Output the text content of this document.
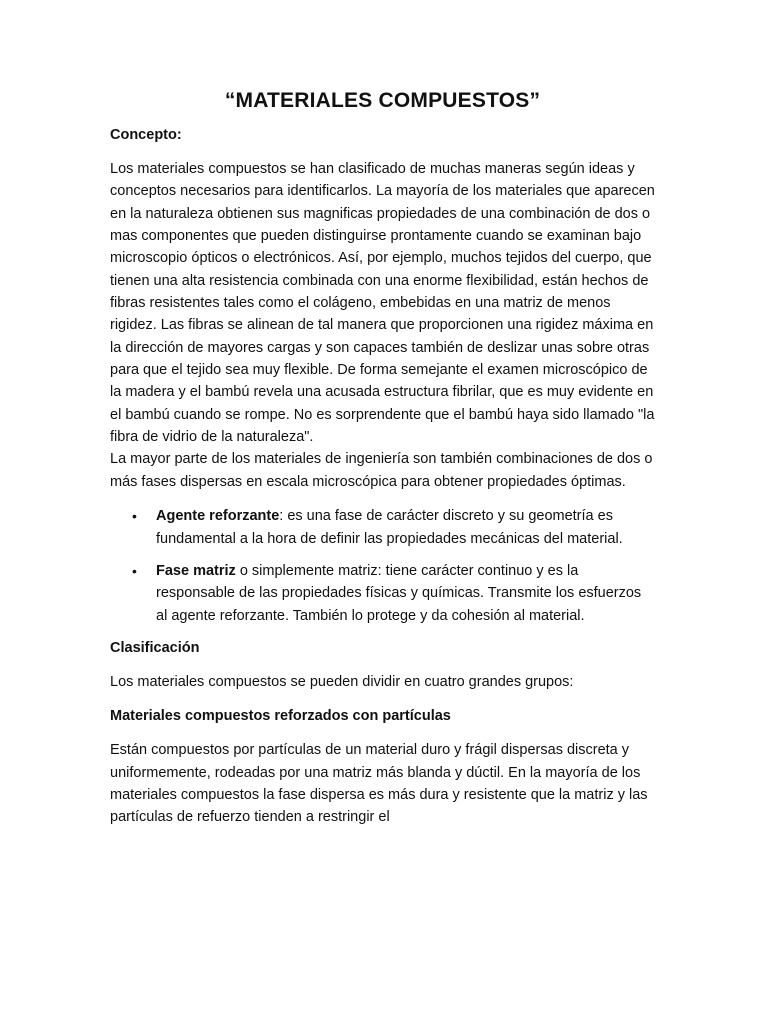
“MATERIALES COMPUESTOS”
Concepto:

Los materiales compuestos se han clasificado de muchas maneras según ideas y conceptos necesarios para identificarlos. La mayoría de los materiales que aparecen en la naturaleza obtienen sus magnificas propiedades de una combinación de dos o mas componentes que pueden distinguirse prontamente cuando se examinan bajo microscopio ópticos o electrónicos. Así, por ejemplo, muchos tejidos del cuerpo, que tienen una alta resistencia combinada con una enorme flexibilidad, están hechos de fibras resistentes tales como el colágeno, embebidas en una matriz de menos rigidez. Las fibras se alinean de tal manera que proporcionen una rigidez máxima en la dirección de mayores cargas y son capaces también de deslizar unas sobre otras para que el tejido sea muy flexible. De forma semejante el examen microscópico de la madera y el bambú revela una acusada estructura fibrilar, que es muy evidente en el bambú cuando se rompe. No es sorprendente que el bambú haya sido llamado "la fibra de vidrio de la naturaleza".

La mayor parte de los materiales de ingeniería son también combinaciones de dos o más fases dispersas en escala microscópica para obtener propiedades óptimas.

• Agente reforzante: es una fase de carácter discreto y su geometría es fundamental a la hora de definir las propiedades mecánicas del material.
• Fase matriz o simplemente matriz: tiene carácter continuo y es la responsable de las propiedades físicas y químicas. Transmite los esfuerzos al agente reforzante. También lo protege y da cohesión al material.
Clasificación

Los materiales compuestos se pueden dividir en cuatro grandes grupos:

Materiales compuestos reforzados con partículas

Están compuestos por partículas de un material duro y frágil dispersas discreta y uniformemente, rodeadas por una matriz más blanda y dúctil. En la mayoría de los materiales compuestos la fase dispersa es más dura y resistente que la matriz y las partículas de refuerzo tienden a restringir el
